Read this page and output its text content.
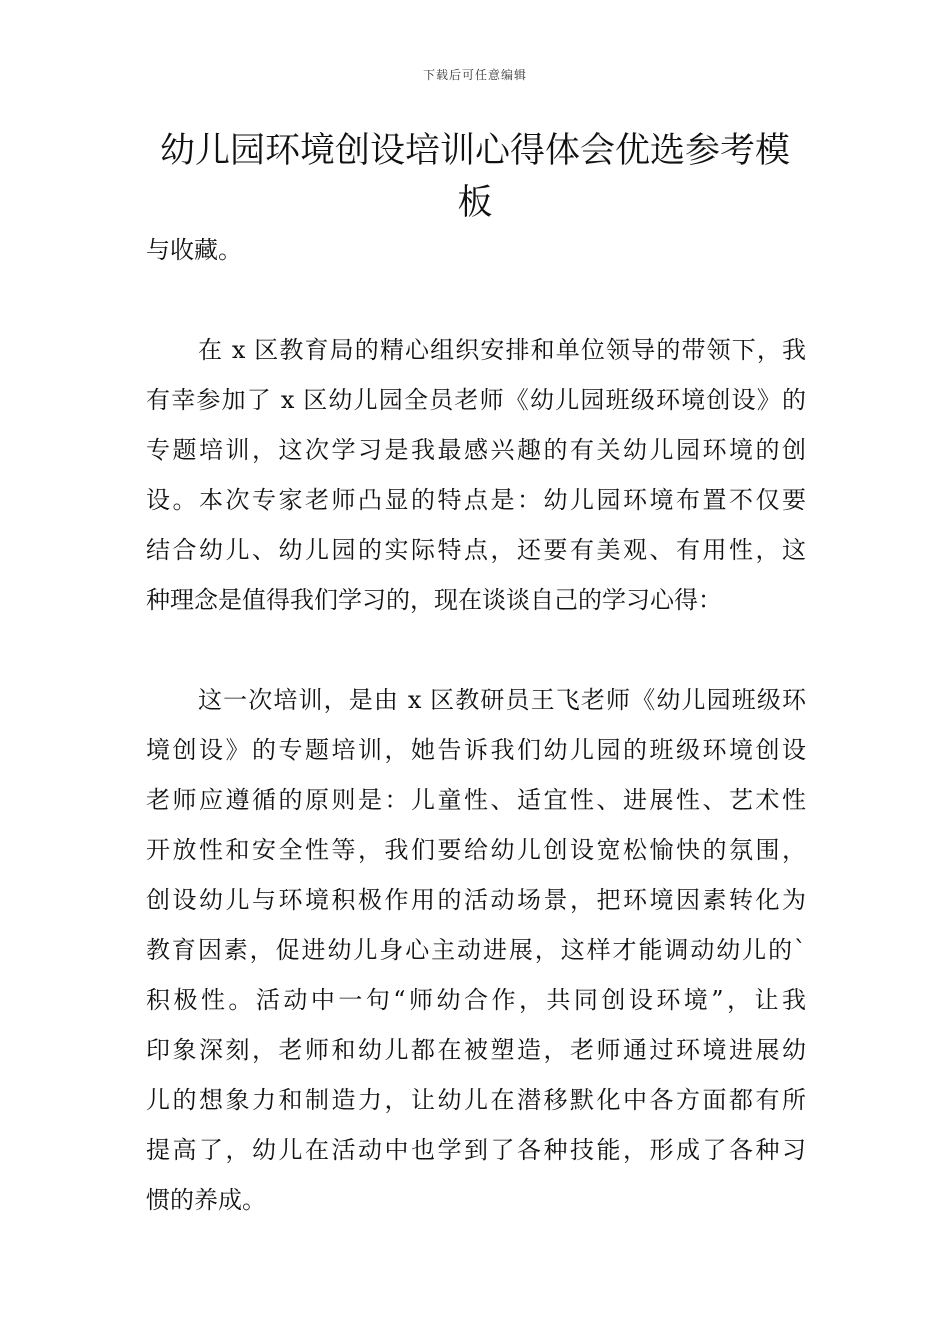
下载后可任意编辑
幼儿园环境创设培训心得体会优选参考模
板

与收藏。

在 x 区教育局的精心组织安排和单位领导的带领下，我
有幸参加了 x 区幼儿园全员老师《幼儿园班级环境创设》的
专题培训，这次学习是我最感兴趣的有关幼儿园环境的创
设。本次专家老师凸显的特点是：幼儿园环境布置不仅要
结合幼儿、幼儿园的实际特点，还要有美观、有用性，这
种理念是值得我们学习的，现在谈谈自己的学习心得：

这一次培训，是由 x 区教研员王飞老师《幼儿园班级环
境创设》的专题培训，她告诉我们幼儿园的班级环境创设
老师应遵循的原则是：儿童性、适宜性、进展性、艺术性
开放性和安全性等，我们要给幼儿创设宽松愉快的氛围，
创设幼儿与环境积极作用的活动场景，把环境因素转化为
教育因素，促进幼儿身心主动进展，这样才能调动幼儿的`
积极性。活动中一句“师幼合作，共同创设环境”，让我
印象深刻，老师和幼儿都在被塑造，老师通过环境进展幼
儿的想象力和制造力，让幼儿在潜移默化中各方面都有所
提高了，幼儿在活动中也学到了各种技能，形成了各种习
惯的养成。
